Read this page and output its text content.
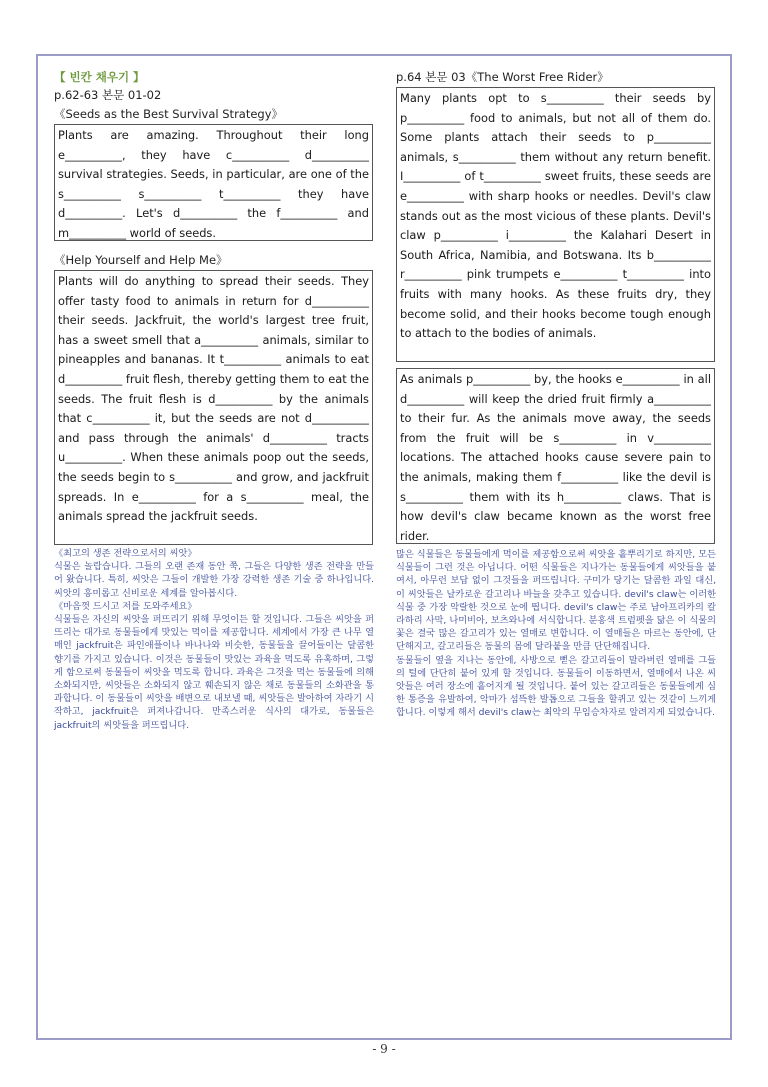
【 빈칸 채우기 】
p.62-63 본문 01-02
《Seeds as the Best Survival Strategy》
Plants are amazing. Throughout their long e__________, they have c__________ d__________ survival strategies. Seeds, in particular, are one of the s__________ s__________ t__________ they have d__________. Let's d__________ the f__________ and m__________ world of seeds.
《Help Yourself and Help Me》
Plants will do anything to spread their seeds. They offer tasty food to animals in return for d__________ their seeds. Jackfruit, the world's largest tree fruit, has a sweet smell that a__________ animals, similar to pineapples and bananas. It t__________ animals to eat d__________ fruit flesh, thereby getting them to eat the seeds. The fruit flesh is d__________ by the animals that c__________ it, but the seeds are not d__________ and pass through the animals' d__________ tracts u__________. When these animals poop out the seeds, the seeds begin to s__________ and grow, and jackfruit spreads. In e__________ for a s__________ meal, the animals spread the jackfruit seeds.

《최고의 생존 전략으로서의 씨앗》

식물은 놀랍습니다. 그들의 오랜 존재 동안 쭉, 그들은 다양한 생존 전략을 만들어 왔습니다. 특히, 씨앗은 그들이 개발한 가장 강력한 생존 기술 중 하나입니다. 씨앗의 흥미롭고 신비로운 세계를 알아봅시다.

《마음껏 드시고 저를 도와주세요》

식물들은 자신의 씨앗을 퍼뜨리기 위해 무엇이든 할 것입니다. 그들은 씨앗을 퍼뜨리는 대가로 동물들에게 맛있는 먹이를 제공합니다. 세계에서 가장 큰 나무 열매인 jackfruit은 파인애플이나 바나나와 비슷한, 동물들을 끌어들이는 달콤한 향기를 가지고 있습니다. 이것은 동물들이 맛있는 과육을 먹도록 유혹하며, 그렇게 함으로써 동물들이 씨앗을 먹도록 합니다. 과육은 그것을 먹는 동물들에 의해 소화되지만, 씨앗들은 소화되지 않고 훼손되지 않은 채로 동물들의 소화관을 통과합니다. 이 동물들이 씨앗을 배변으로 내보낼 때, 씨앗들은 발아하여 자라기 시작하고, jackfruit은 퍼져나갑니다. 만족스러운 식사의 대가로, 동물들은 jackfruit의 씨앗들을 퍼뜨립니다.

p.64 본문 03《The Worst Free Rider》
Many plants opt to s__________ their seeds by p__________ food to animals, but not all of them do. Some plants attach their seeds to p__________ animals, s__________ them without any return benefit. I__________ of t__________ sweet fruits, these seeds are e__________ with sharp hooks or needles. Devil's claw stands out as the most vicious of these plants. Devil's claw p__________ i__________ the Kalahari Desert in South Africa, Namibia, and Botswana. Its b__________ r__________ pink trumpets e__________ t__________ into fruits with many hooks. As these fruits dry, they become solid, and their hooks become tough enough to attach to the bodies of animals.
As animals p__________ by, the hooks e__________ in all d__________ will keep the dried fruit firmly a__________ to their fur. As the animals move away, the seeds from the fruit will be s__________ in v__________ locations. The attached hooks cause severe pain to the animals, making them f__________ like the devil is s__________ them with its h__________ claws. That is how devil's claw became known as the worst free rider.

많은 식물들은 동물들에게 먹이를 제공함으로써 씨앗을 흩뿌리기로 하지만, 모든 식물들이 그런 것은 아닙니다. 어떤 식물들은 지나가는 동물들에게 씨앗들을 붙여서, 아무런 보답 없이 그것들을 퍼뜨립니다. 구미가 당기는 달콤한 과일 대신, 이 씨앗들은 날카로운 갈고리나 바늘을 갖추고 있습니다. devil's claw는 이러한 식물 중 가장 악랄한 것으로 눈에 띕니다. devil's claw는 주로 남아프리카의 칼라하리 사막, 나미비아, 보츠와나에 서식합니다. 분홍색 트럼펫을 닮은 이 식물의 꽃은 결국 많은 갈고리가 있는 열매로 변합니다. 이 열매들은 마르는 동안에, 단단해지고, 갈고리들은 동물의 몸에 달라붙을 만큼 단단해집니다.

동물들이 옆을 지나는 동안에, 사방으로 뻗은 갈고리들이 말라버린 열매를 그들의 털에 단단히 붙어 있게 할 것입니다. 동물들이 이동하면서, 열매에서 나온 씨앗들은 여러 장소에 흩어지게 될 것입니다. 붙어 있는 갈고리들은 동물들에게 심한 통증을 유발하여, 악마가 섬뜩한 발톱으로 그들을 할퀴고 있는 것같이 느끼게 합니다. 이렇게 해서 devil's claw는 최악의 무임승차자로 알려지게 되었습니다.

- 9 -
